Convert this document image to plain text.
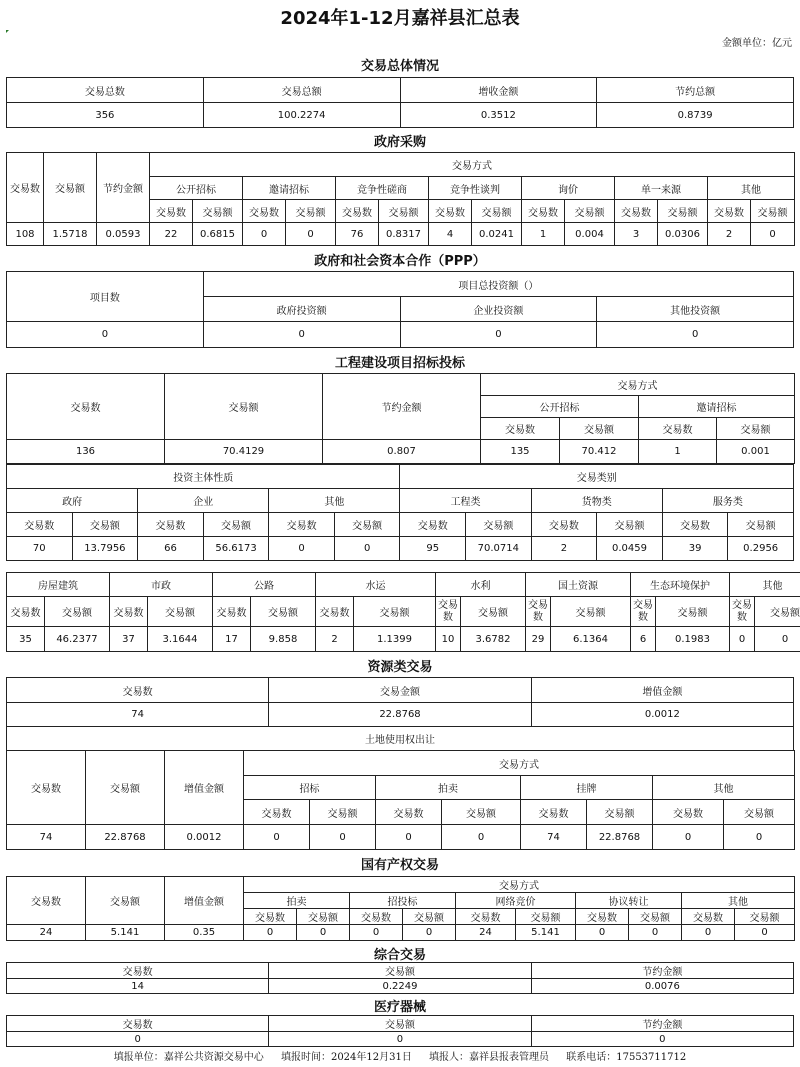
2024年1-12月嘉祥县汇总表
金额单位：亿元
交易总体情况
交易总数	交易总额	增收金额	节约总额
356	100.2274	0.3512	0.8739
政府采购
交易数	交易额	节约金额	交易方式													
			公开招标		邀请招标		竞争性磋商		竞争性谈判		询价		单一来源		其他	
			交易数	交易额	交易数	交易额	交易数	交易额	交易数	交易额	交易数	交易额	交易数	交易额	交易数	交易额
108	1.5718	0.0593	22	0.6815	0	0	76	0.8317	4	0.0241	1	0.004	3	0.0306	2	0
政府和社会资本合作（PPP）
项目数	项目总投资额（）		
	政府投资额	企业投资额	其他投资额
0	0	0	0
工程建设项目招标投标
交易数	交易额	节约金额	交易方式			
			公开招标		邀请招标	
			交易数	交易额	交易数	交易额
136	70.4129	0.807	135	70.412	1	0.001
投资主体性质						交易类别					
政府		企业		其他		工程类		货物类		服务类	
交易数	交易额	交易数	交易额	交易数	交易额	交易数	交易额	交易数	交易额	交易数	交易额
70	13.7956	66	56.6173	0	0	95	70.0714	2	0.0459	39	0.2956
房屋建筑		市政		公路		水运		水利		国土资源		生态环境保护		其他	
交易数	交易额	交易数	交易额	交易数	交易额	交易数	交易额	交易数	交易额	交易数	交易额	交易数	交易额	交易数	交易额
35	46.2377	37	3.1644	17	9.858	2	1.1399	10	3.6782	29	6.1364	6	0.1983	0	0
资源类交易
交易数	交易金额	增值金额
74	22.8768	0.0012
土地使用权出让		
交易数	交易额	增值金额	交易方式							
			招标		拍卖		挂牌		其他	
			交易数	交易额	交易数	交易额	交易数	交易额	交易数	交易额
74	22.8768	0.0012	0	0	0	0	74	22.8768	0	0
国有产权交易
交易数	交易额	增值金额	交易方式									
			拍卖		招投标		网络竞价		协议转让		其他	
			交易数	交易额	交易数	交易额	交易数	交易额	交易数	交易额	交易数	交易额
24	5.141	0.35	0	0	0	0	24	5.141	0	0	0	0
综合交易
交易数	交易额	节约金额
14	0.2249	0.0076
医疗器械
交易数	交易额	节约金额
0	0	0
填报单位：嘉祥公共资源交易中心 填报时间：2024年12月31日 填报人：嘉祥县报表管理员 联系电话：17553711712
